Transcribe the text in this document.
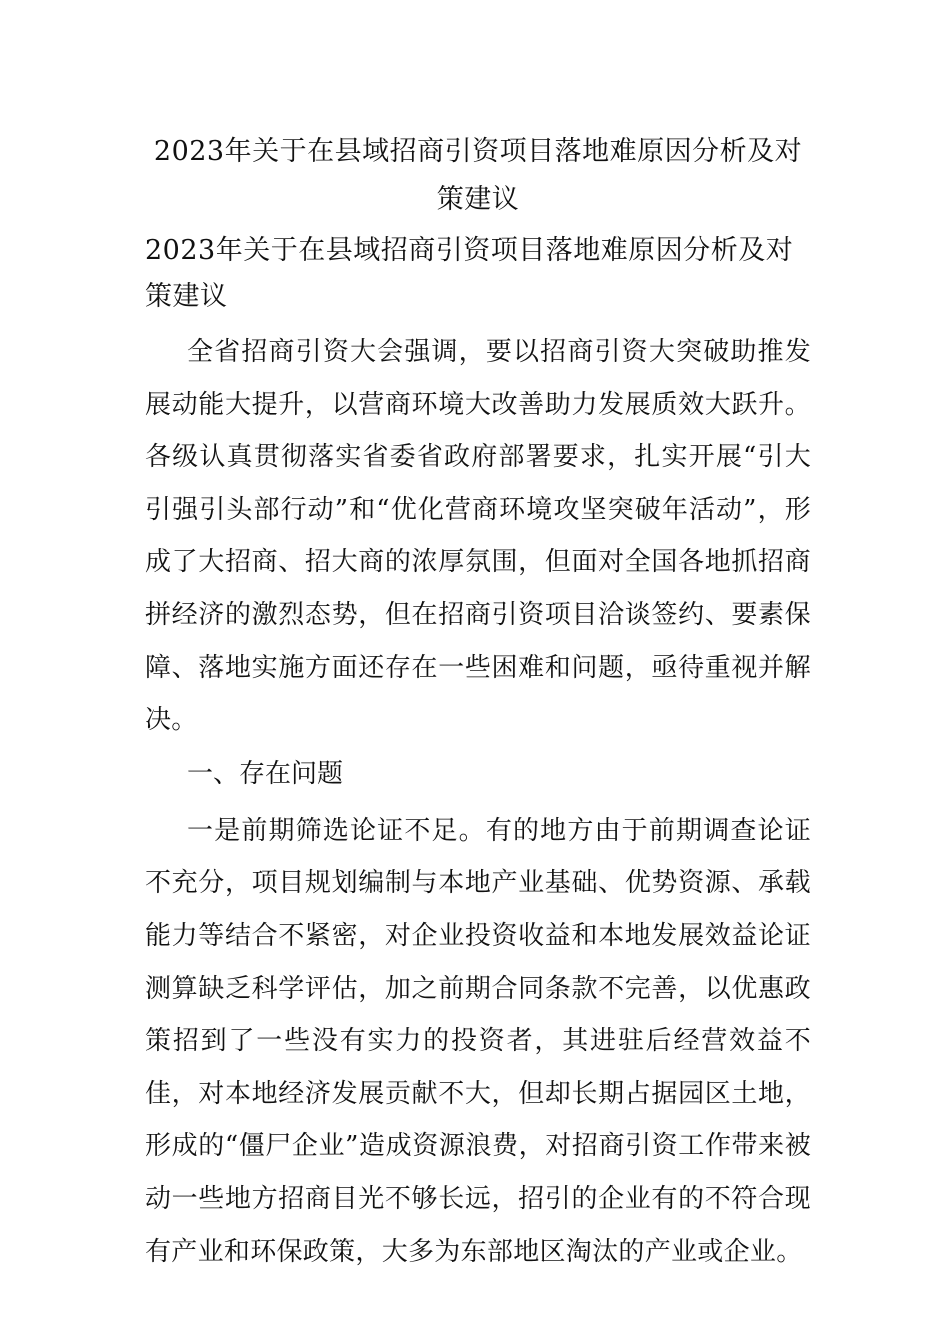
2023年关于在县域招商引资项目落地难原因分析及对策建议
2023年关于在县域招商引资项目落地难原因分析及对策建议

全省招商引资大会强调，要以招商引资大突破助推发展动能大提升，以营商环境大改善助力发展质效大跃升。各级认真贯彻落实省委省政府部署要求，扎实开展“引大引强引头部行动”和“优化营商环境攻坚突破年活动”，形成了大招商、招大商的浓厚氛围，但面对全国各地抓招商拼经济的激烈态势，但在招商引资项目洽谈签约、要素保障、落地实施方面还存在一些困难和问题，亟待重视并解决。

一、存在问题

一是前期筛选论证不足。有的地方由于前期调查论证不充分，项目规划编制与本地产业基础、优势资源、承载能力等结合不紧密，对企业投资收益和本地发展效益论证测算缺乏科学评估，加之前期合同条款不完善，以优惠政策招到了一些没有实力的投资者，其进驻后经营效益不佳，对本地经济发展贡献不大，但却长期占据园区土地，形成的“僵尸企业”造成资源浪费，对招商引资工作带来被动一些地方招商目光不够长远，招引的企业有的不符合现有产业和环保政策，大多为东部地区淘汰的产业或企业。
